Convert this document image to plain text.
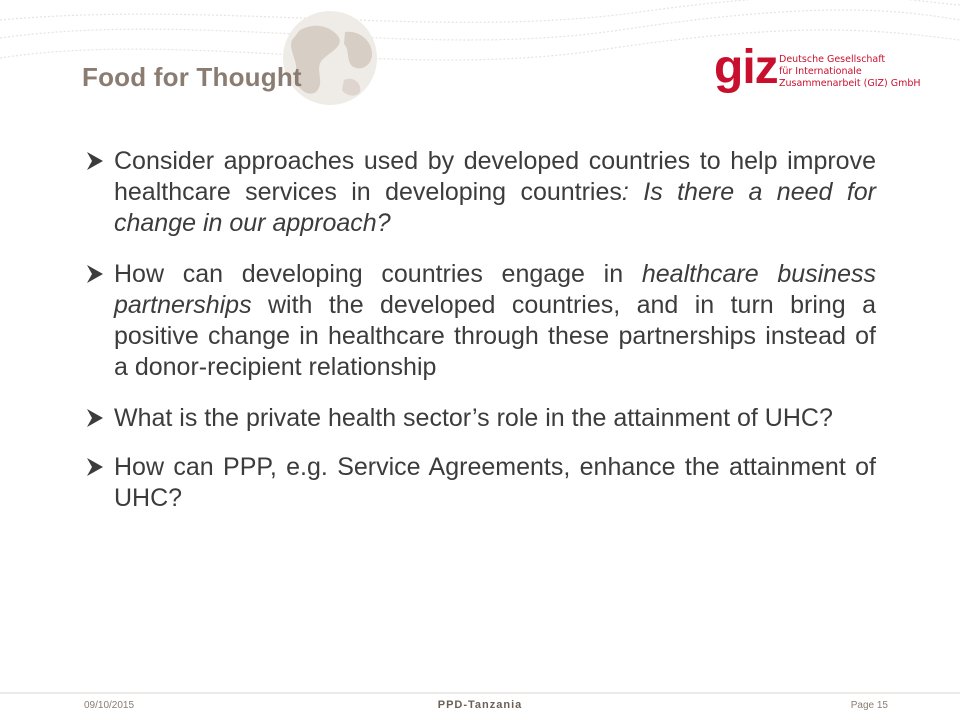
Food for Thought	giz Deutsche Gesellschaft
für Internationale
Zusammenarbeit (GIZ) GmbH
Consider approaches used by developed countries to help improve healthcare services in developing countries: Is there a need for change in our approach?
How can developing countries engage in healthcare business partnerships with the developed countries, and in turn bring a positive change in healthcare through these partnerships instead of a donor-recipient relationship
What is the private health sector’s role in the attainment of UHC?
How can PPP, e.g. Service Agreements, enhance the attainment of UHC?
09/10/2015	PPD-Tanzania	Page 15
